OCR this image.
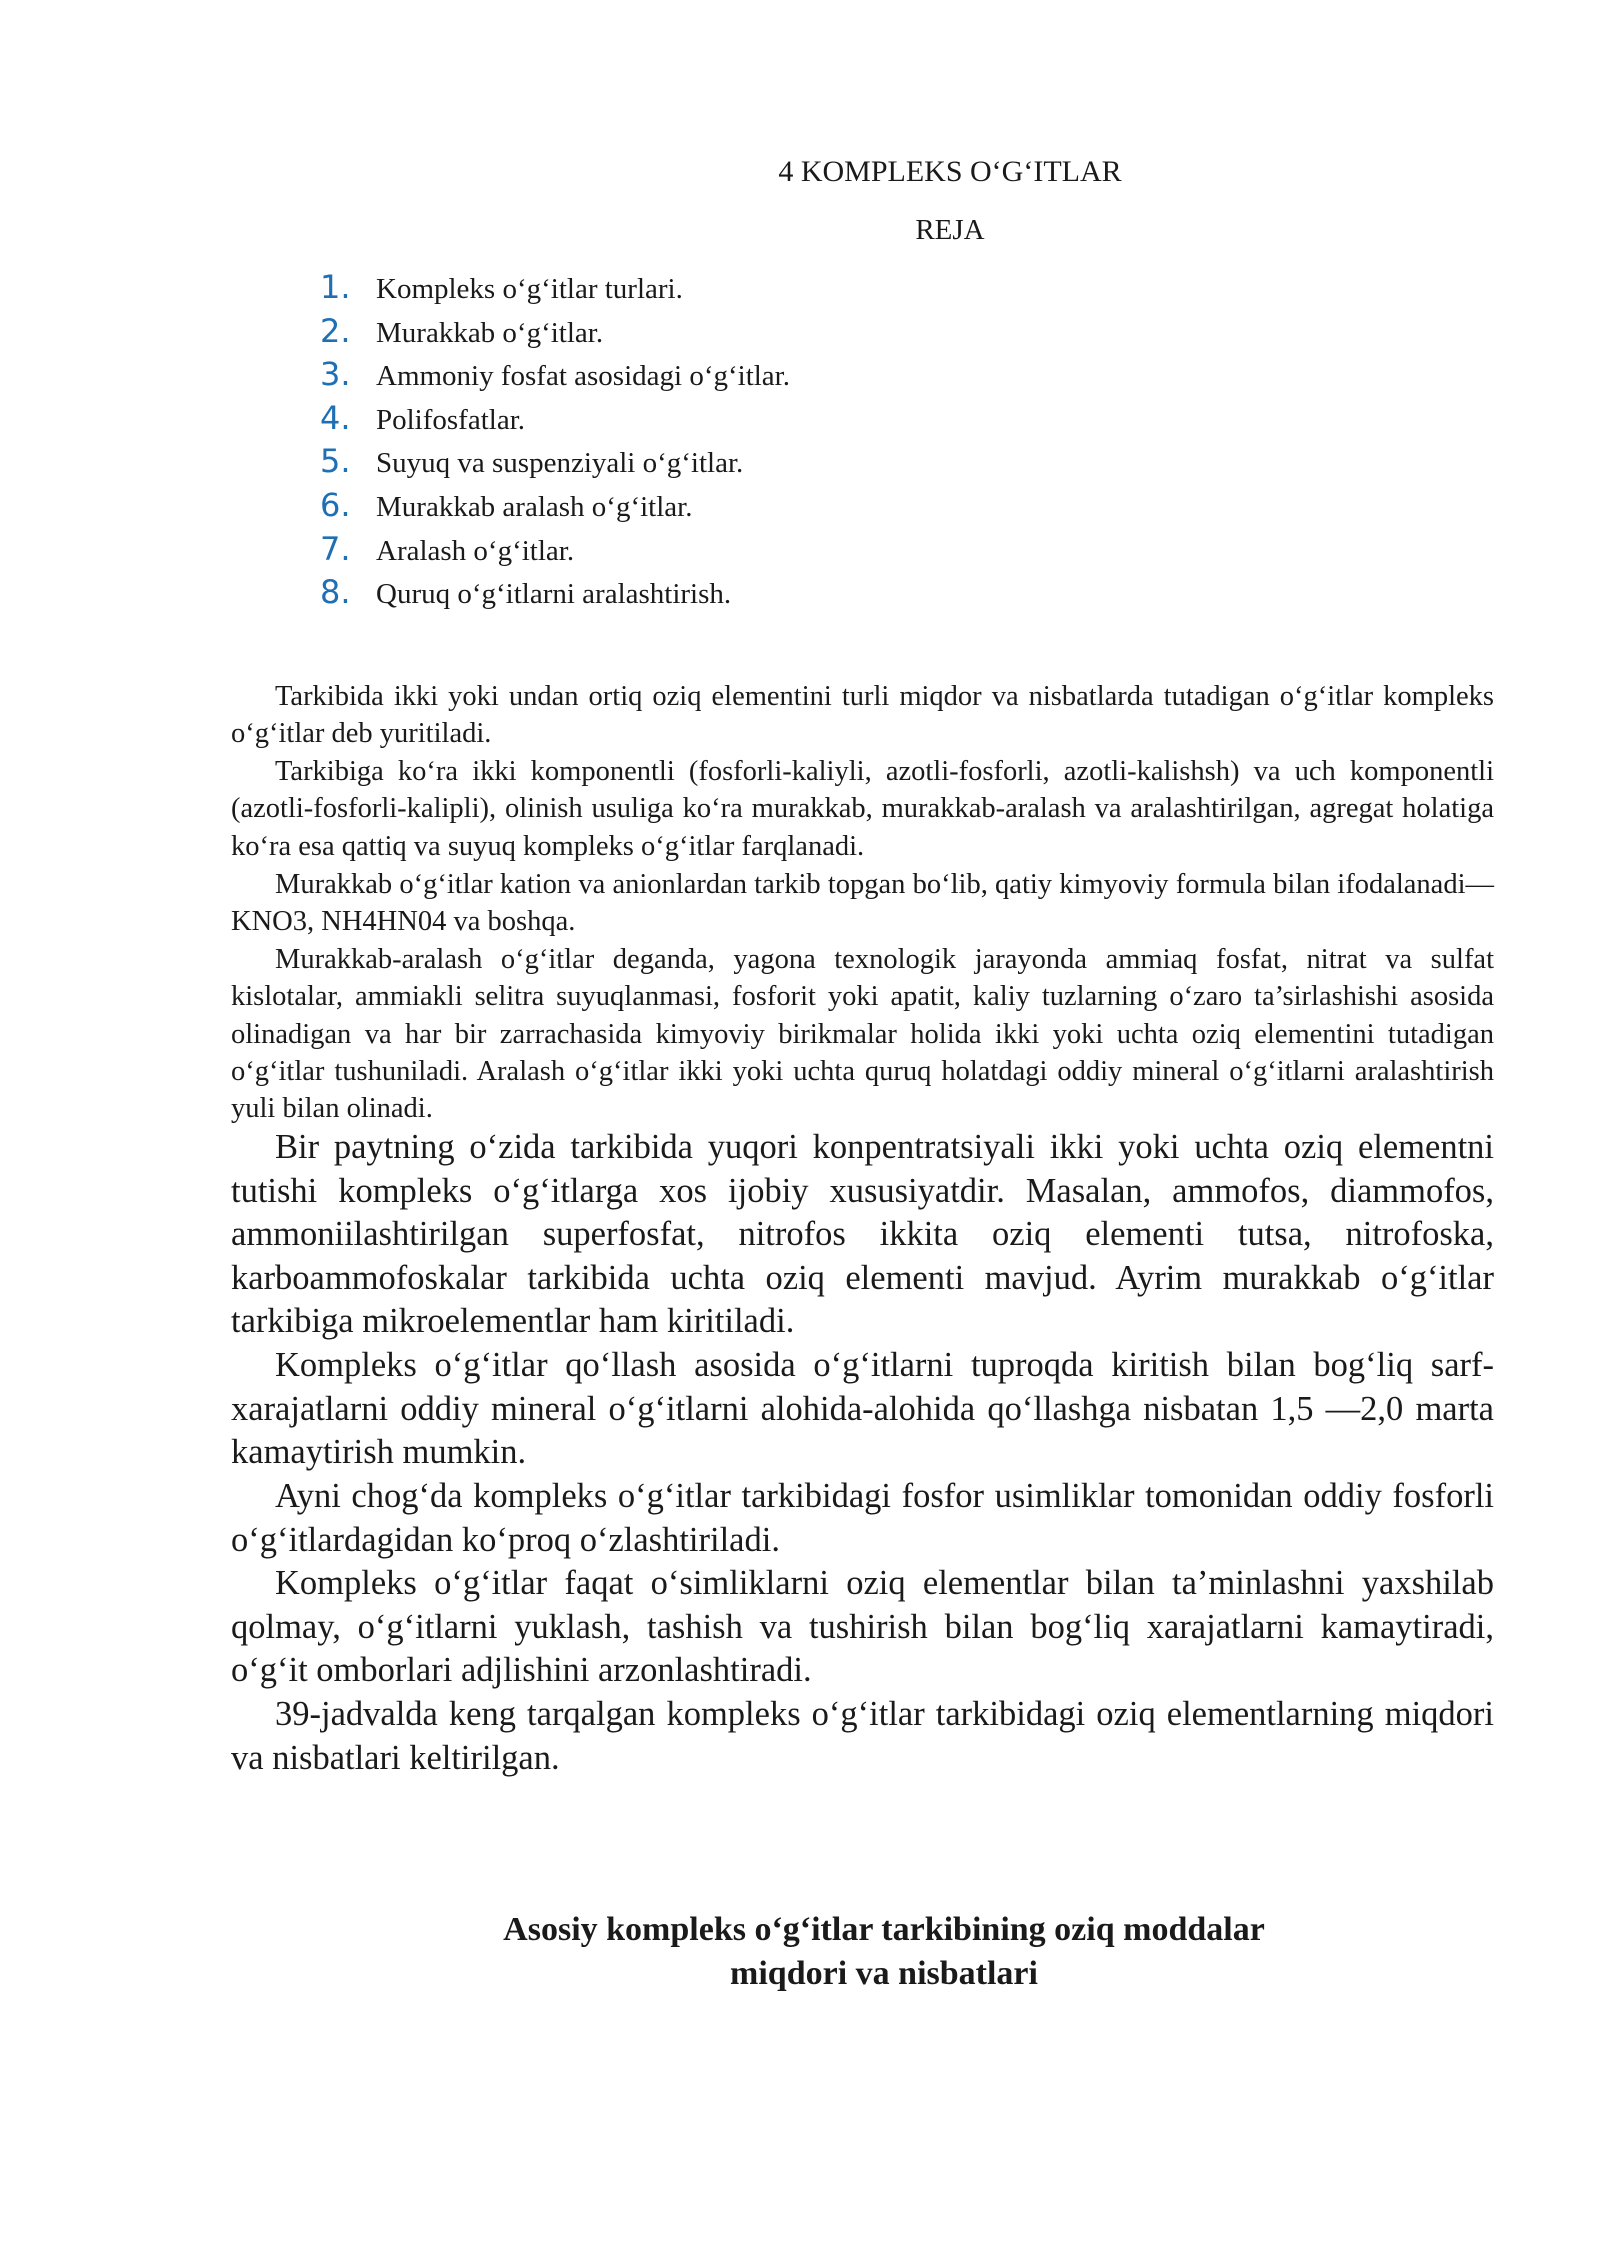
4 KOMPLEKS O‘G‘ITLAR
REJA
1 .	Kompleks o‘g‘itlar turlari.
2 .	Murakkab o‘g‘itlar.
3 .	Ammoniy fosfat asosidagi o‘g‘itlar.
4 .	Polifosfatlar.
5 .	Suyuq va suspenziyali o‘g‘itlar.
6 .	Murakkab aralash o‘g‘itlar.
7 .	Aralash o‘g‘itlar.
8 .	Quruq o‘g‘itlarni aralashtirish.

Tarkibida ikki yoki undan ortiq oziq elementini turli miqdor va nisbatlarda tutadigan o‘g‘itlar kompleks o‘g‘itlar deb yuritiladi.

Tarkibiga ko‘ra ikki komponentli (fosforli-kaliyli, azotli-fosforli, azotli-kalishsh) va uch komponentli (azotli-fosforli-kalipli), olinish usuliga ko‘ra murakkab, murakkab-aralash va aralashtirilgan, agregat holatiga ko‘ra esa qattiq va suyuq kompleks o‘g‘itlar farqlanadi.

Murakkab o‘g‘itlar kation va anionlardan tarkib topgan bo‘lib, qatiy kimyoviy formula bilan ifodalanadi— KNO3, NH4HN04 va boshqa.

Murakkab-aralash o‘g‘itlar deganda, yagona texnologik jarayonda ammiaq fosfat, nitrat va sulfat kislotalar, ammiakli selitra suyuqlanmasi, fosforit yoki apatit, kaliy tuzlarning o‘zaro ta’sirlashishi asosida olinadigan va har bir zarrachasida kimyoviy birikmalar holida ikki yoki uchta oziq elementini tutadigan o‘g‘itlar tushuniladi. Aralash o‘g‘itlar ikki yoki uchta quruq holatdagi oddiy mineral o‘g‘itlarni aralashtirish yuli bilan olinadi.

Bir paytning o‘zida tarkibida yuqori konpentratsiyali ikki yoki uchta oziq elementni tutishi kompleks o‘g‘itlarga xos ijobiy xususiyatdir. Masalan, ammofos, diammofos, ammoniilashtirilgan superfosfat, nitrofos ikkita oziq elementi tutsa, nitrofoska, karboammofoskalar tarkibida uchta oziq elementi mavjud. Ayrim murakkab o‘g‘itlar tarkibiga mikroelementlar ham kiritiladi.

Kompleks o‘g‘itlar qo‘llash asosida o‘g‘itlarni tuproqda kiritish bilan bog‘liq sarf-xarajatlarni oddiy mineral o‘g‘itlarni alohida-alohida qo‘llashga nisbatan 1,5 —2,0 marta kamaytirish mumkin.

Ayni chog‘da kompleks o‘g‘itlar tarkibidagi fosfor usimliklar tomonidan oddiy fosforli o‘g‘itlardagidan ko‘proq o‘zlashtiriladi.

Kompleks o‘g‘itlar faqat o‘simliklarni oziq elementlar bilan ta’minlashni yaxshilab qolmay, o‘g‘itlarni yuklash, tashish va tushirish bilan bog‘liq xarajatlarni kamaytiradi, o‘g‘it omborlari adjlishini arzonlashtiradi.

39-jadvalda keng tarqalgan kompleks o‘g‘itlar tarkibidagi oziq elementlarning miqdori va nisbatlari keltirilgan.

Asosiy kompleks o‘g‘itlar tarkibining oziq moddalar
miqdori va nisbatlari
